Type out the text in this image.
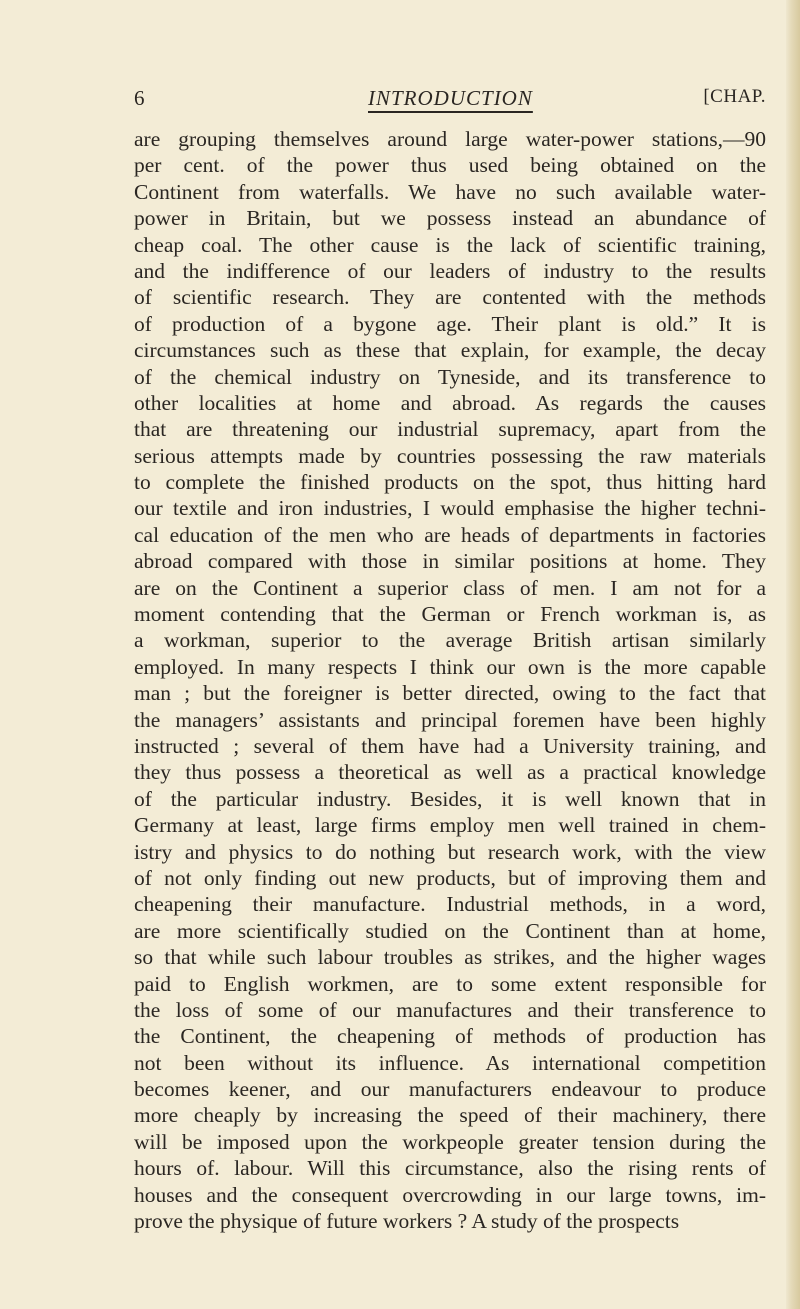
6	INTRODUCTION	[CHAP.
are grouping themselves around large water-power stations,—90
per cent. of the power thus used being obtained on the
Continent from waterfalls. We have no such available water-
power in Britain, but we possess instead an abundance of
cheap coal. The other cause is the lack of scientific training,
and the indifference of our leaders of industry to the results
of scientific research. They are contented with the methods
of production of a bygone age. Their plant is old.” It is
circumstances such as these that explain, for example, the decay
of the chemical industry on Tyneside, and its transference to
other localities at home and abroad. As regards the causes
that are threatening our industrial supremacy, apart from the
serious attempts made by countries possessing the raw materials
to complete the finished products on the spot, thus hitting hard
our textile and iron industries, I would emphasise the higher techni-
cal education of the men who are heads of departments in factories
abroad compared with those in similar positions at home. They
are on the Continent a superior class of men. I am not for a
moment contending that the German or French workman is, as
a workman, superior to the average British artisan similarly
employed. In many respects I think our own is the more capable
man ; but the foreigner is better directed, owing to the fact that
the managers’ assistants and principal foremen have been highly
instructed ; several of them have had a University training, and
they thus possess a theoretical as well as a practical knowledge
of the particular industry. Besides, it is well known that in
Germany at least, large firms employ men well trained in chem-
istry and physics to do nothing but research work, with the view
of not only finding out new products, but of improving them and
cheapening their manufacture. Industrial methods, in a word,
are more scientifically studied on the Continent than at home,
so that while such labour troubles as strikes, and the higher wages
paid to English workmen, are to some extent responsible for
the loss of some of our manufactures and their transference to
the Continent, the cheapening of methods of production has
not been without its influence. As international competition
becomes keener, and our manufacturers endeavour to produce
more cheaply by increasing the speed of their machinery, there
will be imposed upon the workpeople greater tension during the
hours of. labour. Will this circumstance, also the rising rents of
houses and the consequent overcrowding in our large towns, im-
prove the physique of future workers ? A study of the prospects
